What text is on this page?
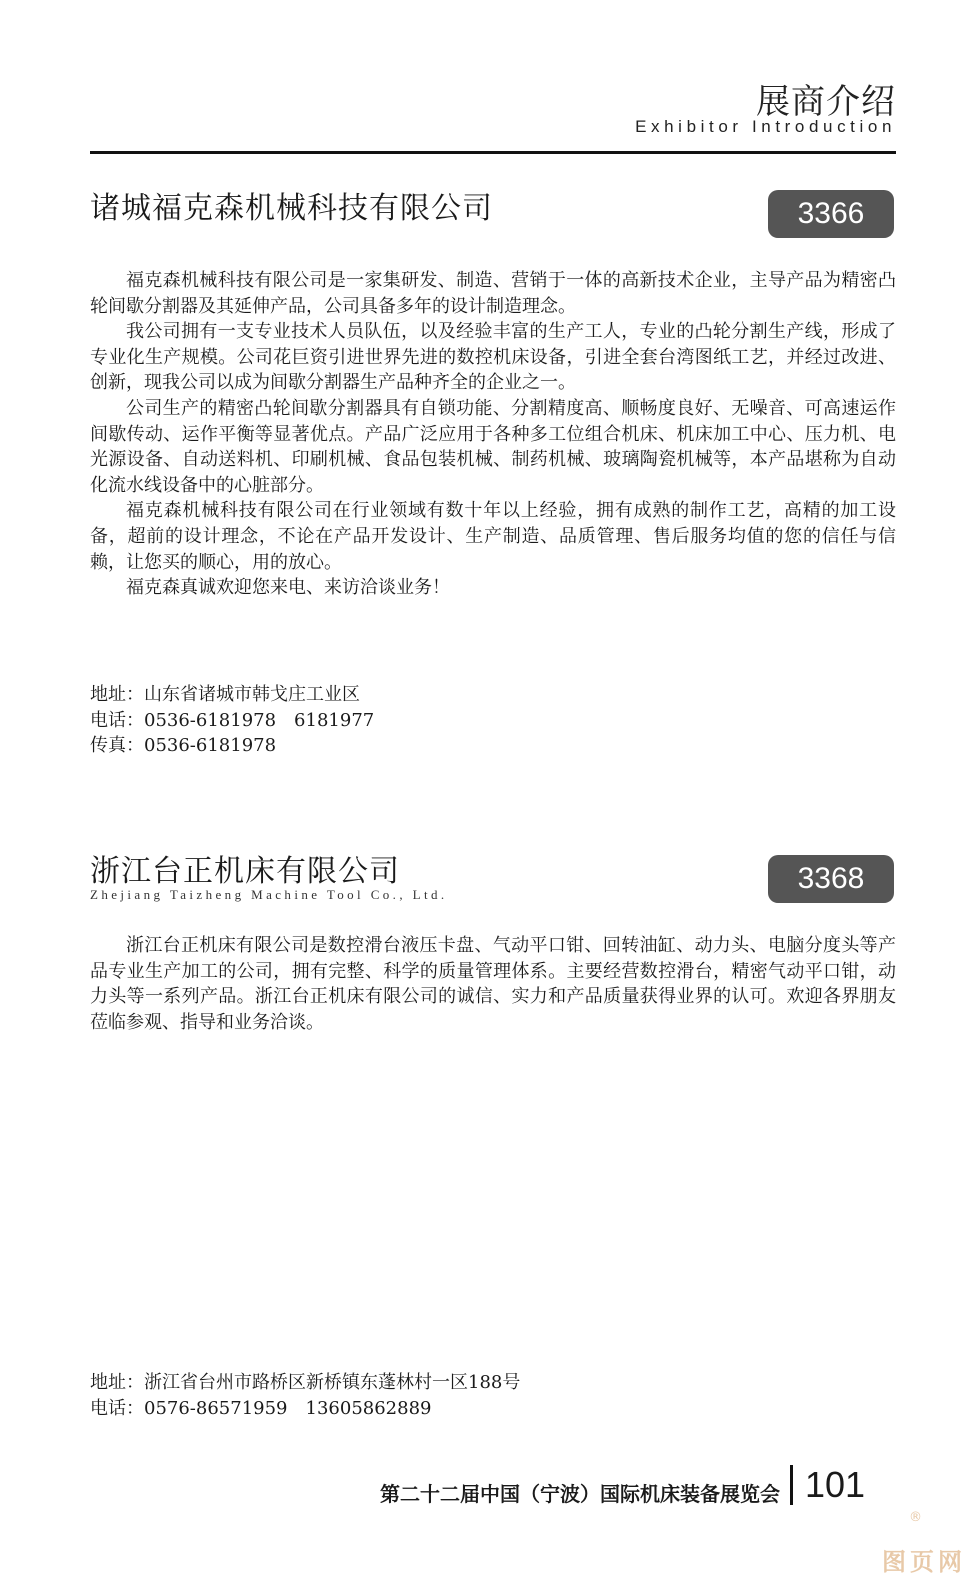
展商介绍
Exhibitor Introduction
诸城福克森机械科技有限公司	3366

福克森机械科技有限公司是一家集研发、制造、营销于一体的高新技术企业，主导产品为精密凸轮间歇分割器及其延伸产品，公司具备多年的设计制造理念。

我公司拥有一支专业技术人员队伍，以及经验丰富的生产工人，专业的凸轮分割生产线，形成了专业化生产规模。公司花巨资引进世界先进的数控机床设备，引进全套台湾图纸工艺，并经过改进、创新，现我公司以成为间歇分割器生产品种齐全的企业之一。

公司生产的精密凸轮间歇分割器具有自锁功能、分割精度高、顺畅度良好、无噪音、可高速运作间歇传动、运作平衡等显著优点。产品广泛应用于各种多工位组合机床、机床加工中心、压力机、电光源设备、自动送料机、印刷机械、食品包装机械、制药机械、玻璃陶瓷机械等，本产品堪称为自动化流水线设备中的心脏部分。

福克森机械科技有限公司在行业领域有数十年以上经验，拥有成熟的制作工艺，高精的加工设备，超前的设计理念，不论在产品开发设计、生产制造、品质管理、售后服务均值的您的信任与信赖，让您买的顺心，用的放心。

福克森真诚欢迎您来电、来访洽谈业务！

地址：山东省诸城市韩戈庄工业区
电话：0536-6181978　6181977
传真：0536-6181978
浙江台正机床有限公司
Zhejiang Taizheng Machine Tool Co., Ltd.	3368

浙江台正机床有限公司是数控滑台液压卡盘、气动平口钳、回转油缸、动力头、电脑分度头等产品专业生产加工的公司，拥有完整、科学的质量管理体系。主要经营数控滑台，精密气动平口钳，动力头等一系列产品。浙江台正机床有限公司的诚信、实力和产品质量获得业界的认可。欢迎各界朋友莅临参观、指导和业务洽谈。

地址：浙江省台州市路桥区新桥镇东蓬林村一区188号
电话：0576-86571959　13605862889
第二十二届中国（宁波）国际机床装备展览会 101
®
图页网
